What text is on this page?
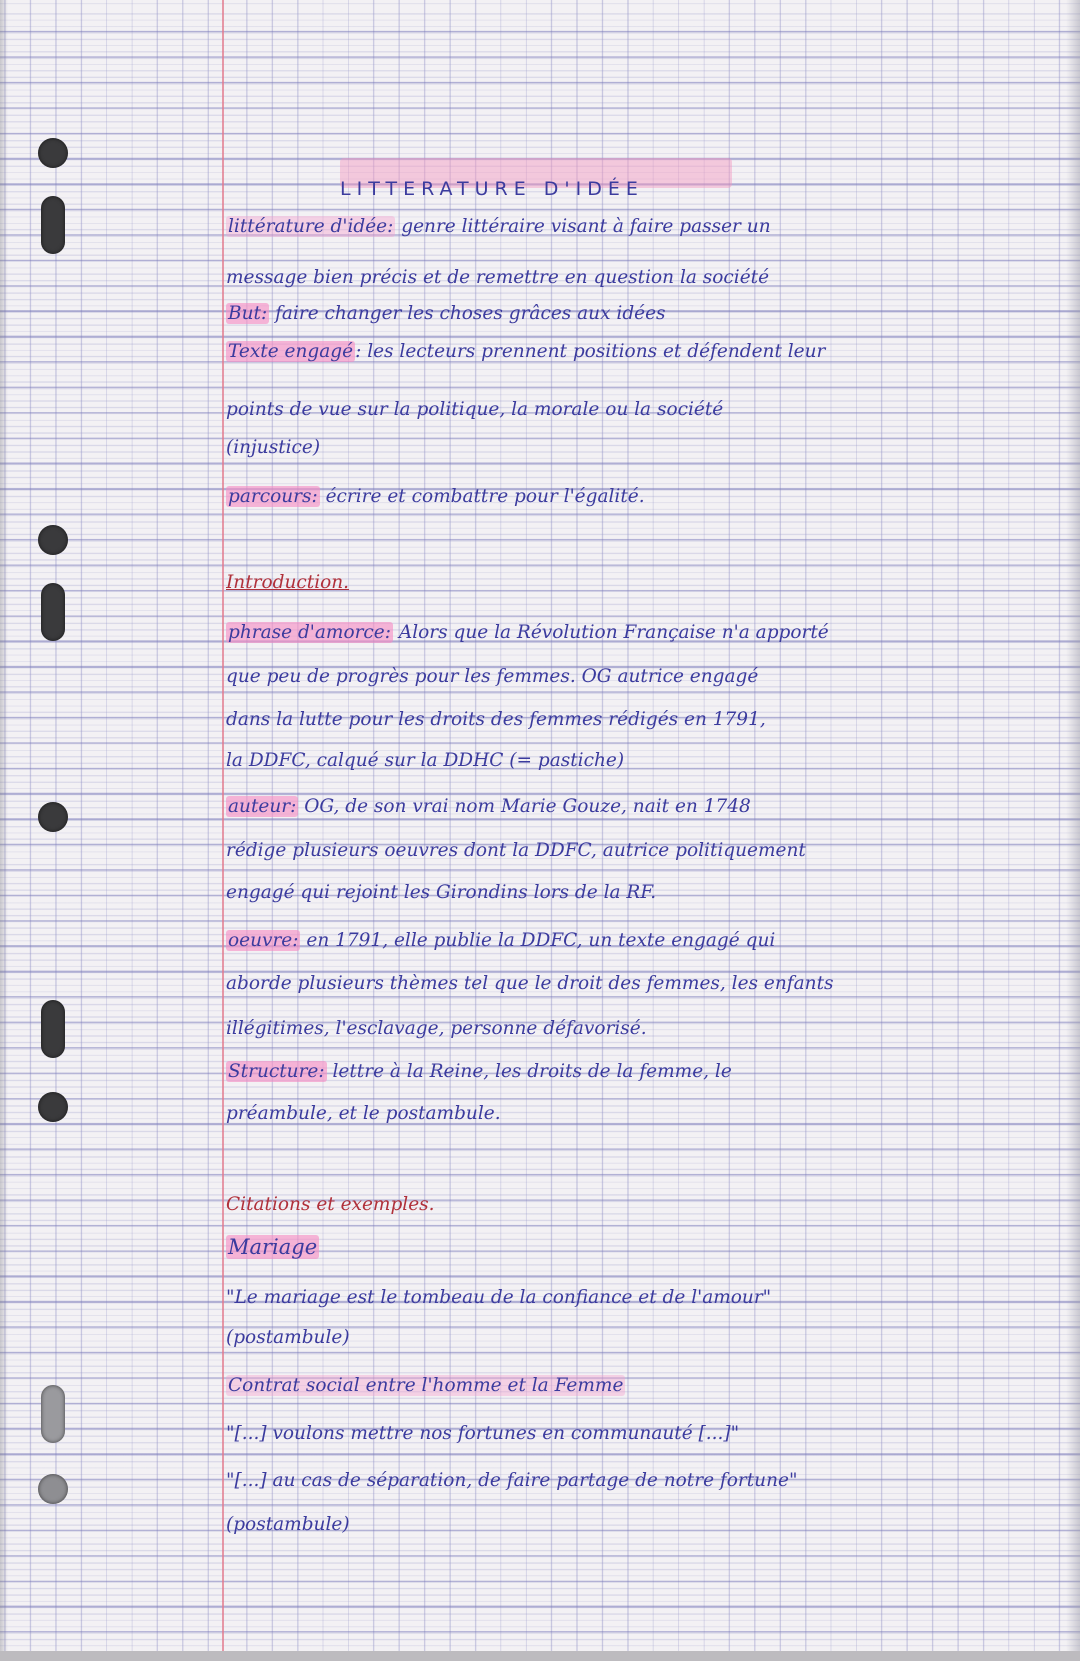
LITTERATURE D'IDÉE
littérature d'idée: genre littéraire visant à faire passer un
message bien précis et de remettre en question la société
But: faire changer les choses grâces aux idées
Texte engagé : les lecteurs prennent positions et défendent leur
points de vue sur la politique, la morale ou la société
(injustice)
parcours: écrire et combattre pour l'égalité.
Introduction.
phrase d'amorce: Alors que la Révolution Française n'a apporté
que peu de progrès pour les femmes. OG autrice engagé
dans la lutte pour les droits des femmes rédigés en 1791,
la DDFC, calqué sur la DDHC (= pastiche)
auteur: OG, de son vrai nom Marie Gouze, nait en 1748
rédige plusieurs oeuvres dont la DDFC, autrice politiquement
engagé qui rejoint les Girondins lors de la RF.
oeuvre: en 1791, elle publie la DDFC, un texte engagé qui
aborde plusieurs thèmes tel que le droit des femmes, les enfants
illégitimes, l'esclavage, personne défavorisé.
Structure: lettre à la Reine, les droits de la femme, le
préambule, et le postambule.
Citations et exemples.
Mariage
"Le mariage est le tombeau de la confiance et de l'amour"
(postambule)
Contrat social entre l'homme et la Femme
"[...] voulons mettre nos fortunes en communauté [...]"
"[...] au cas de séparation, de faire partage de notre fortune"
(postambule)
